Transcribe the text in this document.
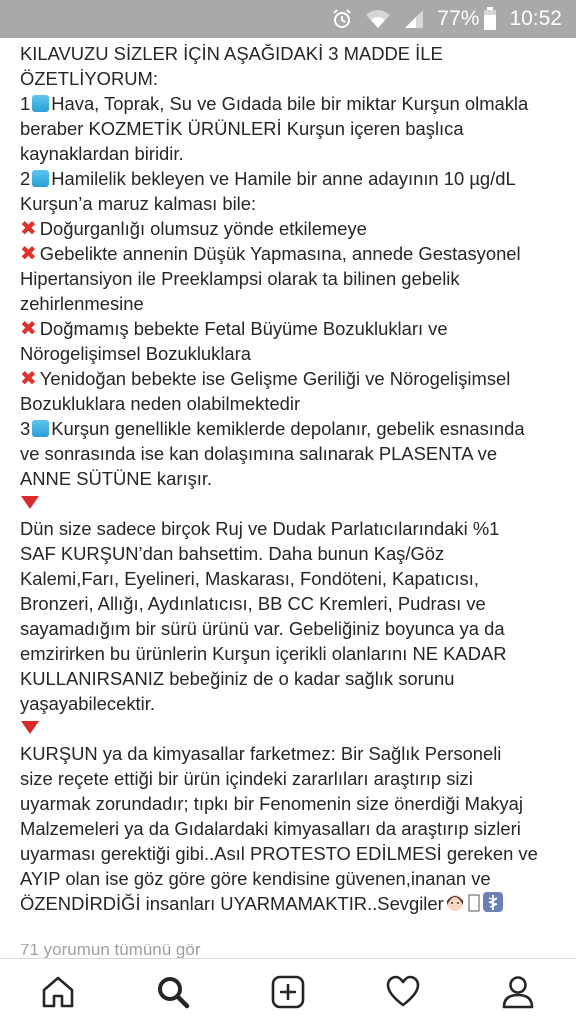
77% 10:52
KILAVUZU SİZLER İÇİN AŞAĞIDAKİ 3 MADDE İLE
ÖZETLİYORUM:
1 Hava, Toprak, Su ve Gıdada bile bir miktar Kurşun olmakla
beraber KOZMETİK ÜRÜNLERİ Kurşun içeren başlıca
kaynaklardan biridir.
2 Hamilelik bekleyen ve Hamile bir anne adayının 10 µg/dL
Kurşun’a maruz kalması bile:
✖ Doğurganlığı olumsuz yönde etkilemeye
✖ Gebelikte annenin Düşük Yapmasına, annede Gestasyonel
Hipertansiyon ile Preeklampsi olarak ta bilinen gebelik
zehirlenmesine
✖ Doğmamış bebekte Fetal Büyüme Bozuklukları ve
Nörogelişimsel Bozukluklara
✖ Yenidoğan bebekte ise Gelişme Geriliği ve Nörogelişimsel
Bozukluklara neden olabilmektedir
3 Kurşun genellikle kemiklerde depolanır, gebelik esnasında
ve sonrasında ise kan dolaşımına salınarak PLASENTA ve
ANNE SÜTÜNE karışır.
Dün size sadece birçok Ruj ve Dudak Parlatıcılarındaki %1
SAF KURŞUN’dan bahsettim. Daha bunun Kaş/Göz
Kalemi,Farı, Eyelineri, Maskarası, Fondöteni, Kapatıcısı,
Bronzeri, Allığı, Aydınlatıcısı, BB CC Kremleri, Pudrası ve
sayamadığım bir sürü ürünü var. Gebeliğiniz boyunca ya da
emzirirken bu ürünlerin Kurşun içerikli olanlarını NE KADAR
KULLANIRSANIZ bebeğiniz de o kadar sağlık sorunu
yaşayabilecektir.
KURŞUN ya da kimyasallar farketmez: Bir Sağlık Personeli
size reçete ettiği bir ürün içindeki zararlıları araştırıp sizi
uyarmak zorundadır; tıpkı bir Fenomenin size önerdiği Makyaj
Malzemeleri ya da Gıdalardaki kimyasalları da araştırıp sizleri
uyarması gerektiği gibi..Asıl PROTESTO EDİLMESİ gereken ve
AYIP olan ise göz göre göre kendisine güvenen,inanan ve
ÖZENDİRDİĞİ insanları UYARMAMAKTIR..Sevgiler
71 yorumun tümünü gör
